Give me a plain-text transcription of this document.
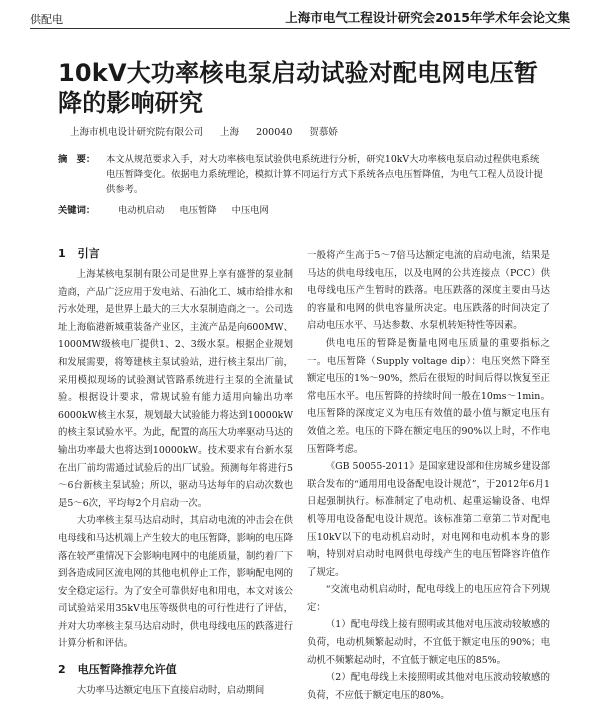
供配电	上海市电气工程设计研究会2015年学术年会论文集
10kV大功率核电泵启动试验对配电网电压暂降的影响研究
上海市机电设计研究院有限公司 上海 200040 贺慕娇
摘　要： 本文从规范要求入手，对大功率核电泵试验供电系统进行分析，研究10kV大功率核电泵启动过程供电系统电压暂降变化。依据电力系统理论，模拟计算不同运行方式下系统各点电压暂降值，为电气工程人员设计提供参考。
关键词： 电动机启动 电压暂降 中压电网
1 引言

上海某核电泵制有限公司是世界上享有盛誉的泵业制造商，产品广泛应用于发电站、石油化工、城市给排水和污水处理，是世界上最大的三大水泵制造商之一。公司选址上海临港新城重装备产业区，主流产品是向600MW、1000MW级核电厂提供1、2、3级水泵。根据企业规划和发展需要，将筹建核主泵试验站，进行核主泵出厂前，采用模拟现场的试验测试管路系统进行主泵的全流量试验。根据设计要求，常规试验有能力适用向输出功率6000kW核主水泵，规划最大试验能力将达到10000kW的核主泵试验水平。为此，配置的高压大功率驱动马达的输出功率最大也将达到10000kW。技术要求有台新水泵在出厂前均需通过试验后的出厂试验。预测每年将进行5～6台新核主泵试验；所以，驱动马达每年的启动次数也是5～6次，平均每2个月启动一次。

大功率核主泵马达启动时，其启动电流的冲击会在供电母线和马达机端上产生较大的电压暂降，影响的电压降落在较严重情况下会影响电网中的电能质量，制约着厂下到各造成同区流电网的其他电机停止工作，影响配电网的安全稳定运行。为了安全可靠供好电和用电，本文对该公司试验站采用35kV电压等级供电的可行性进行了评估，并对大功率核主泵马达启动时，供电母线电压的跌落进行计算分析和评估。

2 电压暂降推荐允许值

大功率马达额定电压下直接启动时，启动期间

一般将产生高于5～7倍马达额定电流的启动电流，结果是马达的供电母线电压，以及电网的公共连接点（PCC）供电母线电压产生暂时的跌落。电压跌落的深度主要由马达的容量和电网的供电容量所决定。电压跌落的时间决定了启动电压水平、马达参数、水泵机转矩特性等因素。

供电电压的暂降是衡量电网电压质量的重要指标之一。电压暂降（Supply voltage dip）：电压突然下降至额定电压的1%～90%，然后在很短的时间后得以恢复至正常电压水平。电压暂降的持续时间一般在10ms～1min。电压暂降的深度定义为电压有效值的最小值与额定电压有效值之差。电压的下降在额定电压的90%以上时，不作电压暂降考虑。

《GB 50055-2011》是国家建设部和住房城乡建设部联合发布的“通用用电设备配电设计规范”，于2012年6月1日起强制执行。标准制定了电动机、起重运输设备、电焊机等用电设备配电设计规范。该标准第二章第二节对配电压10kV以下的电动机启动时，对电网和电动机本身的影响，特别对启动时电网供电母线产生的电压暂降容许值作了规定。

“交流电动机启动时，配电母线上的电压应符合下列规定：

（1）配电母线上接有照明或其他对电压波动较敏感的负荷，电动机频繁起动时，不宜低于额定电压的90%；电动机不频繁起动时，不宜低于额定电压的85%。

（2）配电母线上未接照明或其他对电压波动较敏感的负荷，不应低于额定电压的80%。
